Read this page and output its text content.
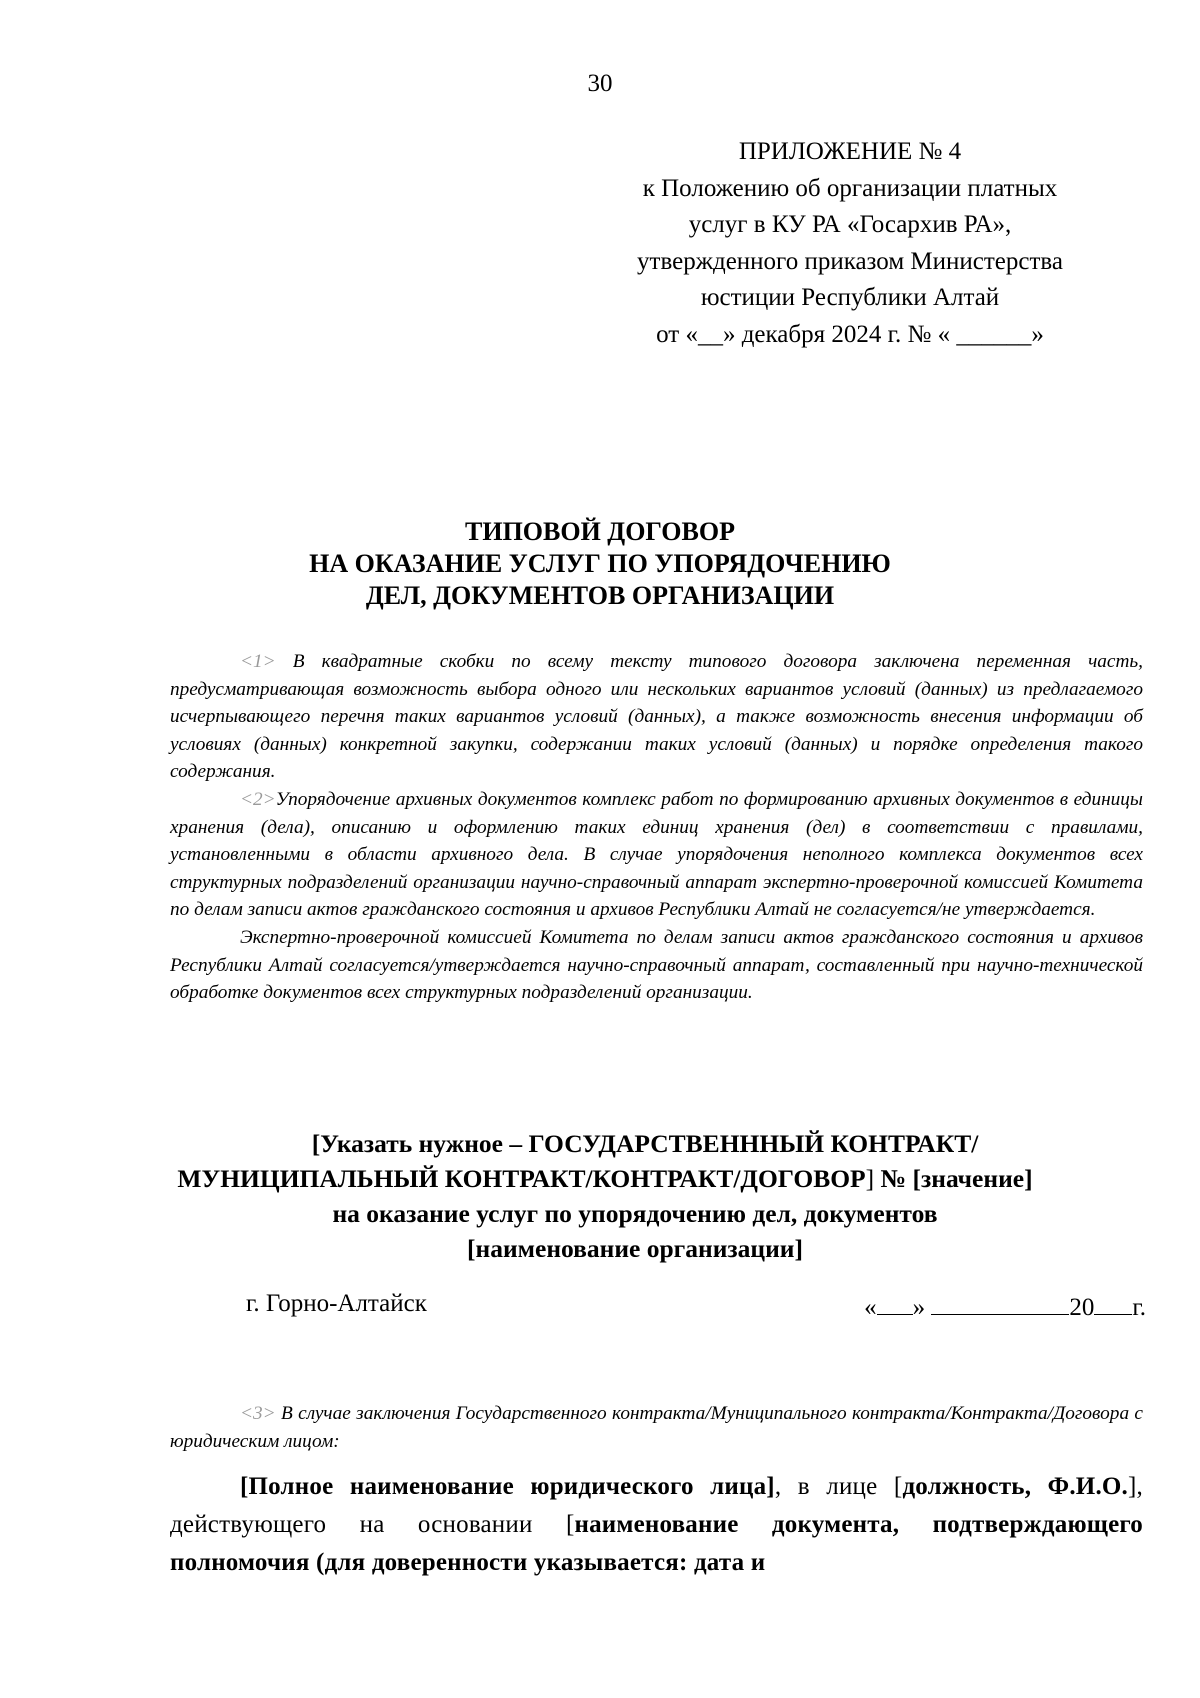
30
ПРИЛОЖЕНИЕ № 4
к Положению об организации платных
услуг в КУ РА «Госархив РА»,
утвержденного приказом Министерства
юстиции Республики Алтай
от «__» декабря 2024 г. № « ______»
ТИПОВОЙ ДОГОВОР
НА ОКАЗАНИЕ УСЛУГ ПО УПОРЯДОЧЕНИЮ
ДЕЛ, ДОКУМЕНТОВ ОРГАНИЗАЦИИ

<1> В квадратные скобки по всему тексту типового договора заключена переменная часть, предусматривающая возможность выбора одного или нескольких вариантов условий (данных) из предлагаемого исчерпывающего перечня таких вариантов условий (данных), а также возможность внесения информации об условиях (данных) конкретной закупки, содержании таких условий (данных) и порядке определения такого содержания.

<2>Упорядочение архивных документов комплекс работ по формированию архивных документов в единицы хранения (дела), описанию и оформлению таких единиц хранения (дел) в соответствии с правилами, установленными в области архивного дела. В случае упорядочения неполного комплекса документов всех структурных подразделений организации научно-справочный аппарат экспертно-проверочной комиссией Комитета по делам записи актов гражданского состояния и архивов Республики Алтай не согласуется/не утверждается.

Экспертно-проверочной комиссией Комитета по делам записи актов гражданского состояния и архивов Республики Алтай согласуется/утверждается научно-справочный аппарат, составленный при научно-технической обработке документов всех структурных подразделений организации.

[Указать нужное – ГОСУДАРСТВЕНННЫЙ КОНТРАКТ/
МУНИЦИПАЛЬНЫЙ КОНТРАКТ/КОНТРАКТ/ДОГОВОР] № [значение]
на оказание услуг по упорядочению дел, документов
[наименование организации]
г. Горно-Алтайск	« »	20 г.

<3> В случае заключения Государственного контракта/Муниципального контракта/Контракта/Договора с юридическим лицом:

[Полное наименование юридического лица], в лице [должность, Ф.И.О.], действующего на основании [наименование документа, подтверждающего полномочия (для доверенности указывается: дата и
